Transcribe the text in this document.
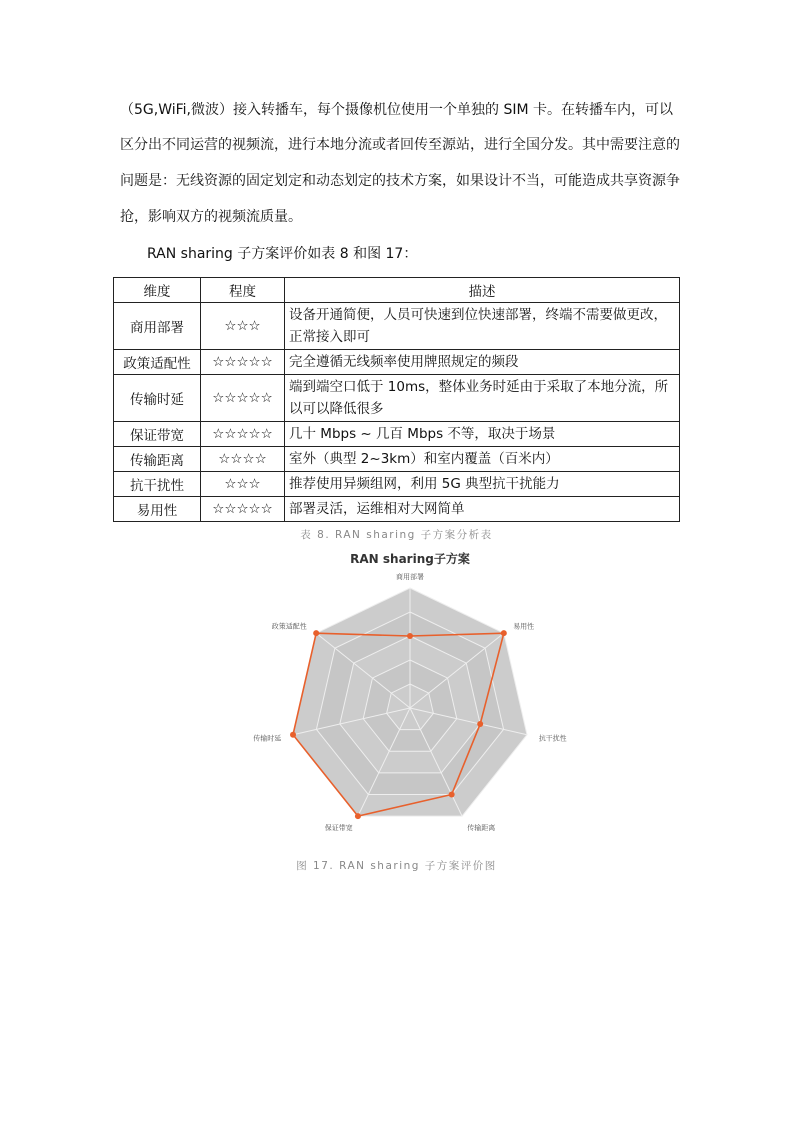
（5G,WiFi,微波）接入转播车，每个摄像机位使用一个单独的 SIM 卡。在转播车内，可以

区分出不同运营的视频流，进行本地分流或者回传至源站，进行全国分发。其中需要注意的

问题是：无线资源的固定划定和动态划定的技术方案，如果设计不当，可能造成共享资源争

抢，影响双方的视频流质量。

RAN sharing 子方案评价如表 8 和图 17：

维度	程度	描述
商用部署	☆☆☆	设备开通简便，人员可快速到位快速部署，终端不需要做更改，正常接入即可
政策适配性	☆☆☆☆☆	完全遵循无线频率使用牌照规定的频段
传输时延	☆☆☆☆☆	端到端空口低于 10ms，整体业务时延由于采取了本地分流，所以可以降低很多
保证带宽	☆☆☆☆☆	几十 Mbps ~ 几百 Mbps 不等，取决于场景
传输距离	☆☆☆☆	室外（典型 2~3km）和室内覆盖（百米内）
抗干扰性	☆☆☆	推荐使用异频组网，利用 5G 典型抗干扰能力
易用性	☆☆☆☆☆	部署灵活，运维相对大网简单
表 8. RAN sharing 子方案分析表
RAN sharing子方案
商用部署
易用性
抗干扰性
传输距离
保证带宽
传输时延
政策适配性
图 17. RAN sharing 子方案评价图
